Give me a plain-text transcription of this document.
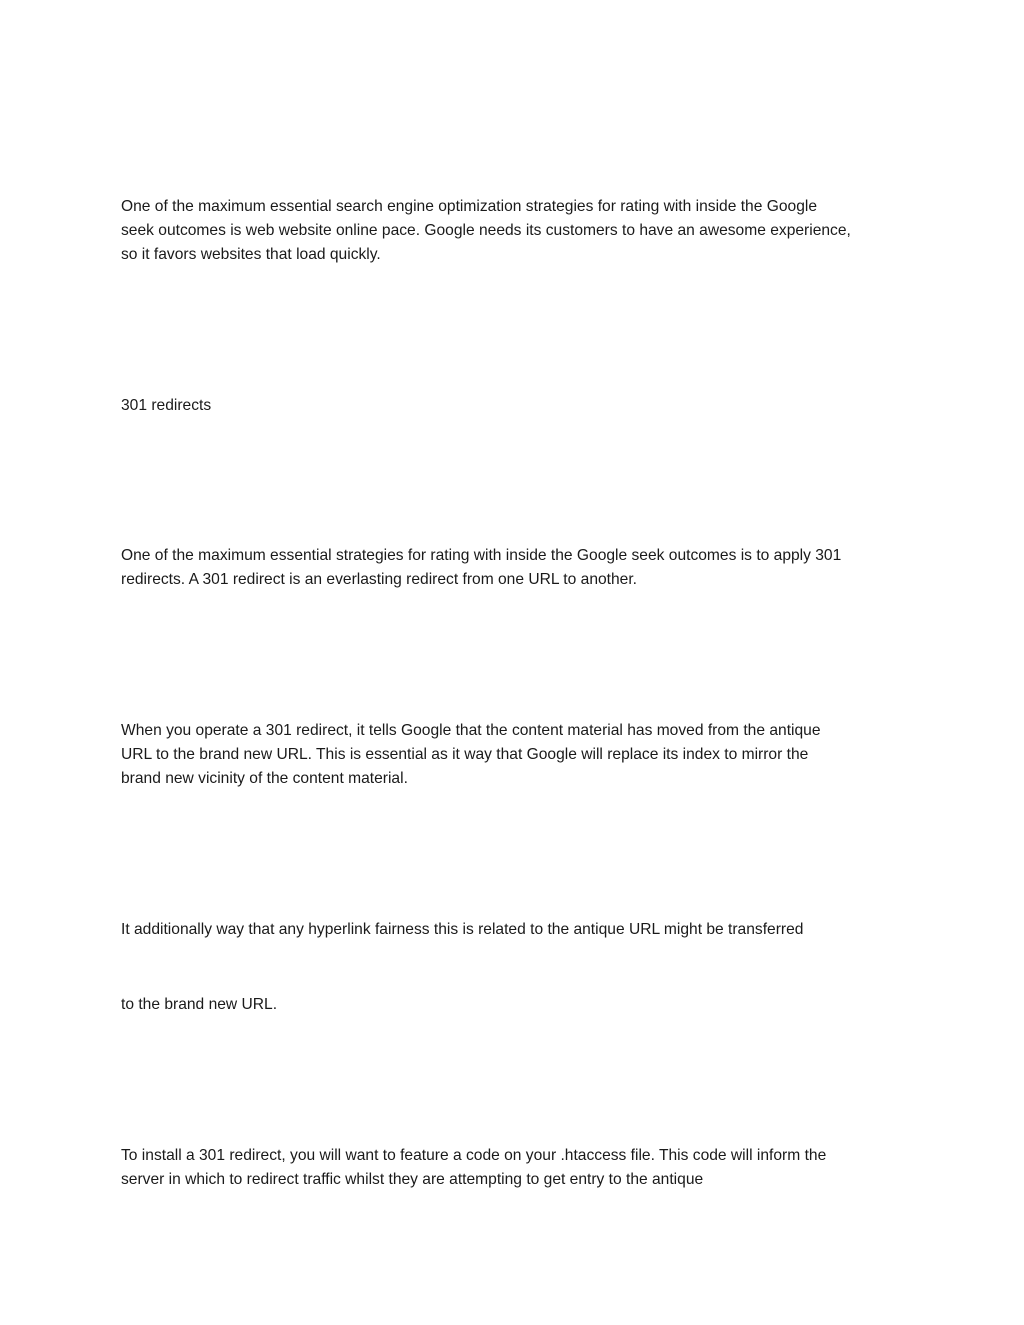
One of the maximum essential search engine optimization strategies for rating with inside the Google
seek outcomes is web website online pace. Google needs its customers to have an awesome experience,
so it favors websites that load quickly.

301 redirects

One of the maximum essential strategies for rating with inside the Google seek outcomes is to apply 301
redirects. A 301 redirect is an everlasting redirect from one URL to another.

When you operate a 301 redirect, it tells Google that the content material has moved from the antique
URL to the brand new URL. This is essential as it way that Google will replace its index to mirror the
brand new vicinity of the content material.

It additionally way that any hyperlink fairness this is related to the antique URL might be transferred

to the brand new URL.

To install a 301 redirect, you will want to feature a code on your .htaccess file. This code will inform the
server in which to redirect traffic whilst they are attempting to get entry to the antique
